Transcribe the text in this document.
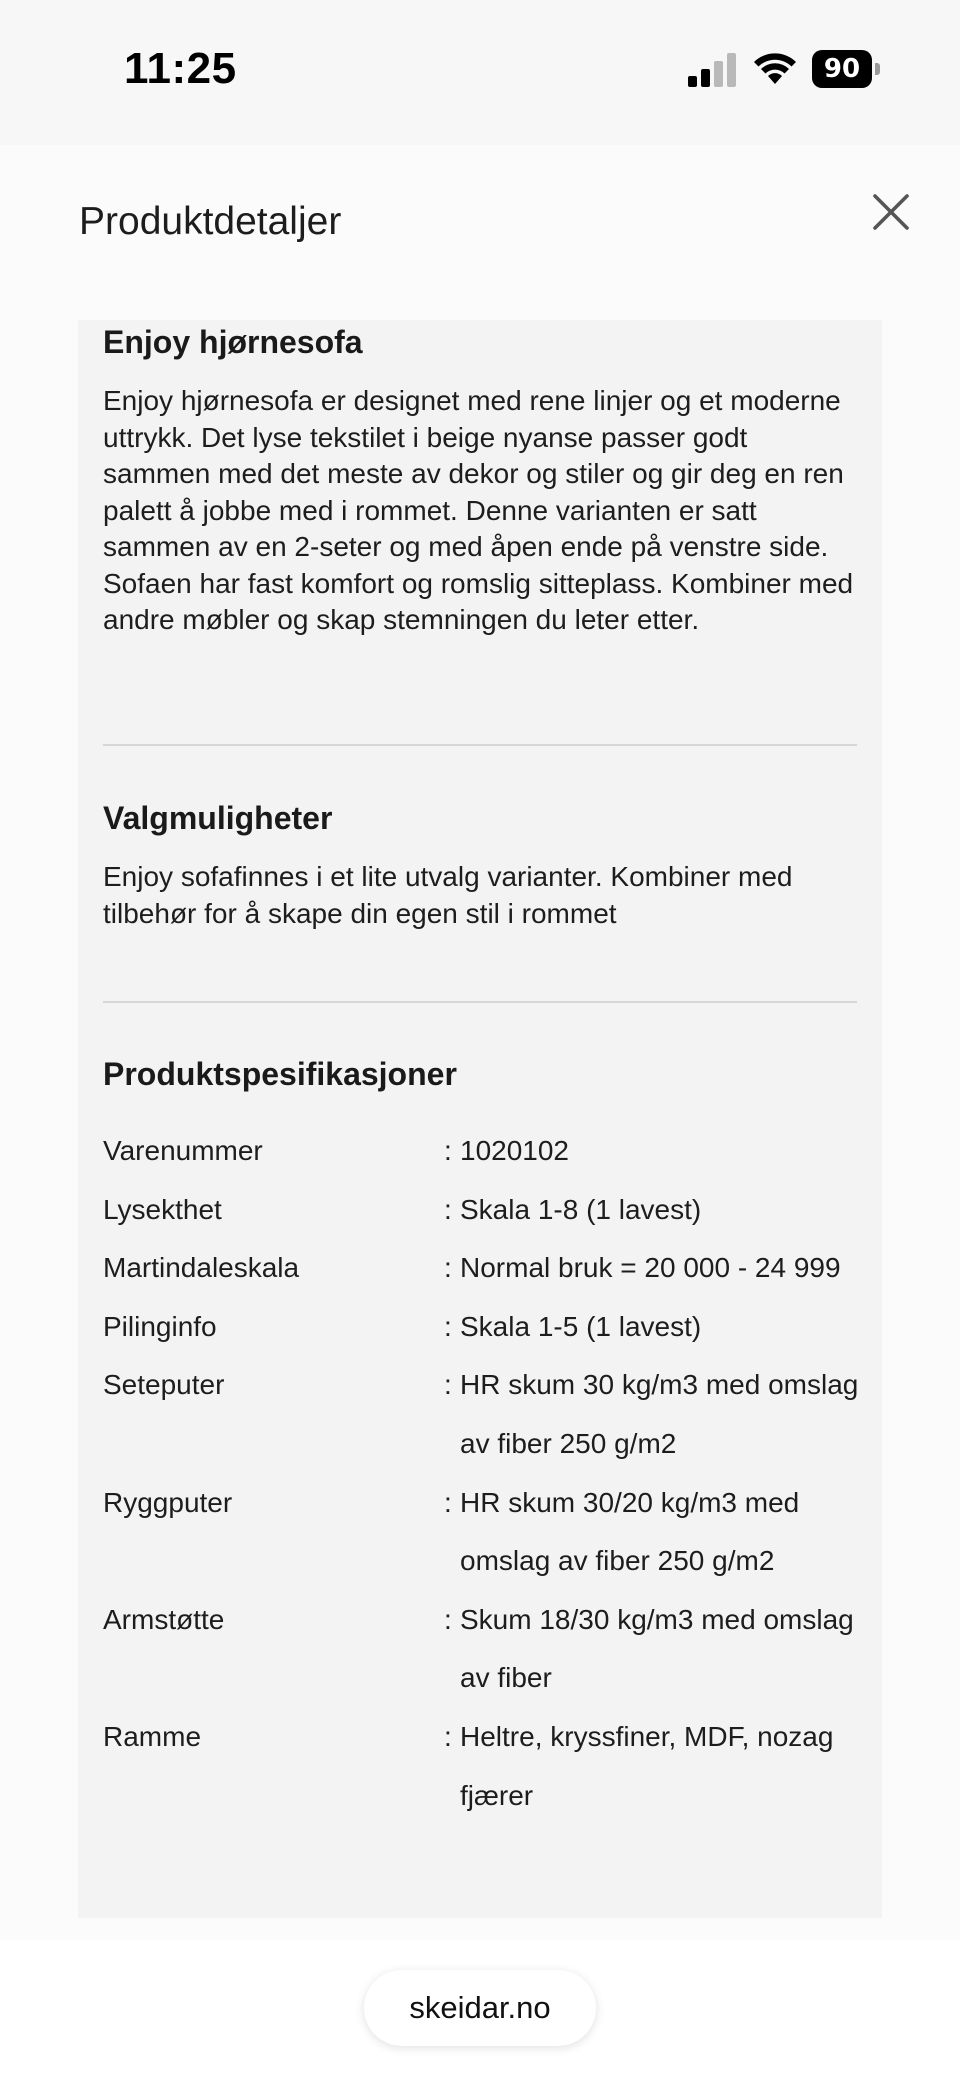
11:25	90
Produktdetaljer
Enjoy hjørnesofa

Enjoy hjørnesofa er designet med rene linjer og et moderne uttrykk. Det lyse tekstilet i beige nyanse passer godt sammen med det meste av dekor og stiler og gir deg en ren palett å jobbe med i rommet. Denne varianten er satt sammen av en 2-seter og med åpen ende på venstre side. Sofaen har fast komfort og romslig sitteplass. Kombiner med andre møbler og skap stemningen du leter etter.

Valgmuligheter

Enjoy sofafinnes i et lite utvalg varianter. Kombiner med tilbehør for å skape din egen stil i rommet

Produktspesifikasjoner
Varenummer	: 1020102
Lysekthet	: Skala 1-8 (1 lavest)
Martindaleskala	: Normal bruk = 20 000 - 24 999
Pilinginfo	: Skala 1-5 (1 lavest)
Seteputer	: HR skum 30 kg/m3 med omslag av fiber 250 g/m2
Ryggputer	: HR skum 30/20 kg/m3 med omslag av fiber 250 g/m2
Armstøtte	: Skum 18/30 kg/m3 med omslag av fiber
Ramme	: Heltre, kryssfiner, MDF, nozag fjærer
skeidar.no
